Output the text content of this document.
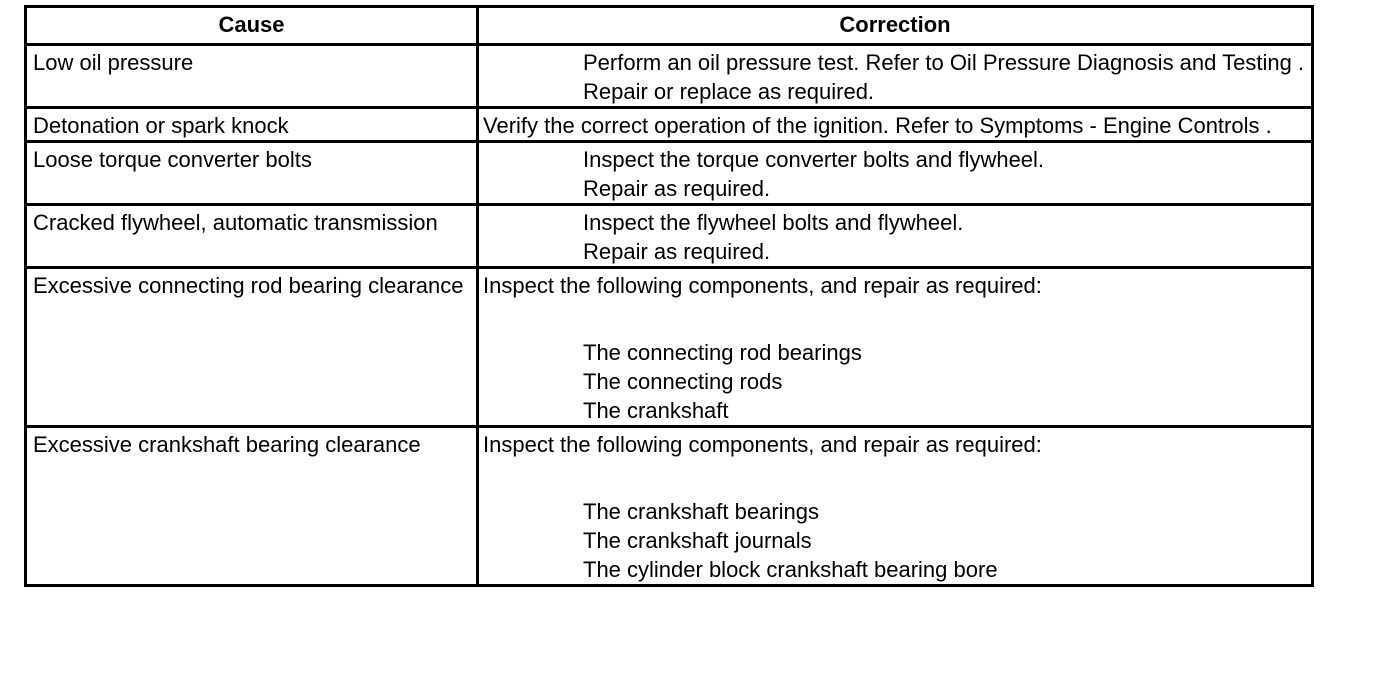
Cause	Correction
Low oil pressure	Perform an oil pressure test. Refer to Oil Pressure Diagnosis and Testing .
Repair or replace as required.

Detonation or spark knock	Verify the correct operation of the ignition. Refer to Symptoms - Engine Controls .

Loose torque converter bolts	Inspect the torque converter bolts and flywheel.
Repair as required.

Cracked flywheel, automatic transmission	Inspect the flywheel bolts and flywheel.
Repair as required.

Excessive connecting rod bearing clearance	Inspect the following components, and repair as required:
The connecting rod bearings
The connecting rods
The crankshaft

Excessive crankshaft bearing clearance	Inspect the following components, and repair as required:
The crankshaft bearings
The crankshaft journals
The cylinder block crankshaft bearing bore
